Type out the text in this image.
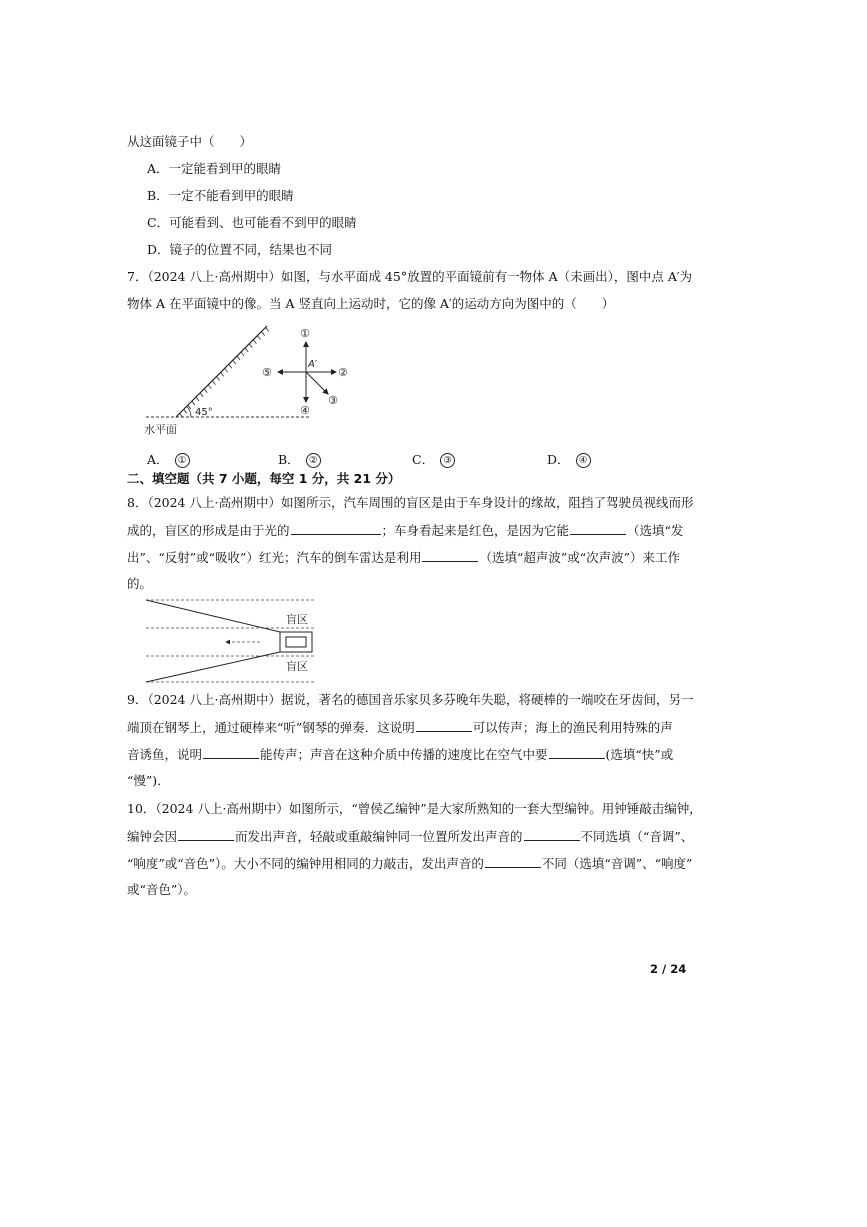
从这面镜子中（　　）
A．一定能看到甲的眼睛
B．一定不能看到甲的眼睛
C．可能看到、也可能看不到甲的眼睛
D．镜子的位置不同，结果也不同
7．（2024 八上·高州期中）如图，与水平面成 45°放置的平面镜前有一物体 A（未画出），图中点 A′为
物体 A 在平面镜中的像。当 A 竖直向上运动时，它的像 A′的运动方向为图中的（　　）
45°
水平面
A′
①
②
③
④
⑤
A． ①	B． ②	C． ③	D． ④
二、填空题（共 7 小题，每空 1 分，共 21 分）
8．（2024 八上·高州期中）如图所示，汽车周围的盲区是由于车身设计的缘故，阻挡了驾驶员视线而形
成的，盲区的形成是由于光的	；车身看起来是红色，是因为它能	（选填“发
出”、“反射”或“吸收”）红光；汽车的倒车雷达是利用	（选填“超声波”或“次声波”）来工作
的。
盲区
盲区
9．（2024 八上·高州期中）据说，著名的德国音乐家贝多芬晚年失聪，将硬棒的一端咬在牙齿间，另一
端顶在钢琴上，通过硬棒来“听”钢琴的弹奏．这说明	可以传声；海上的渔民利用特殊的声
音诱鱼，说明	能传声；声音在这种介质中传播的速度比在空气中要	(选填“快”或
“慢”)．
10．（2024 八上·高州期中）如图所示，“曾侯乙编钟”是大家所熟知的一套大型编钟。用钟锤敲击编钟，
编钟会因	而发出声音，轻敲或重敲编钟同一位置所发出声音的	不同选填（“音调”、
“响度”或“音色”）。大小不同的编钟用相同的力敲击，发出声音的	不同（选填“音调”、“响度”
或“音色”）。
2 / 24
